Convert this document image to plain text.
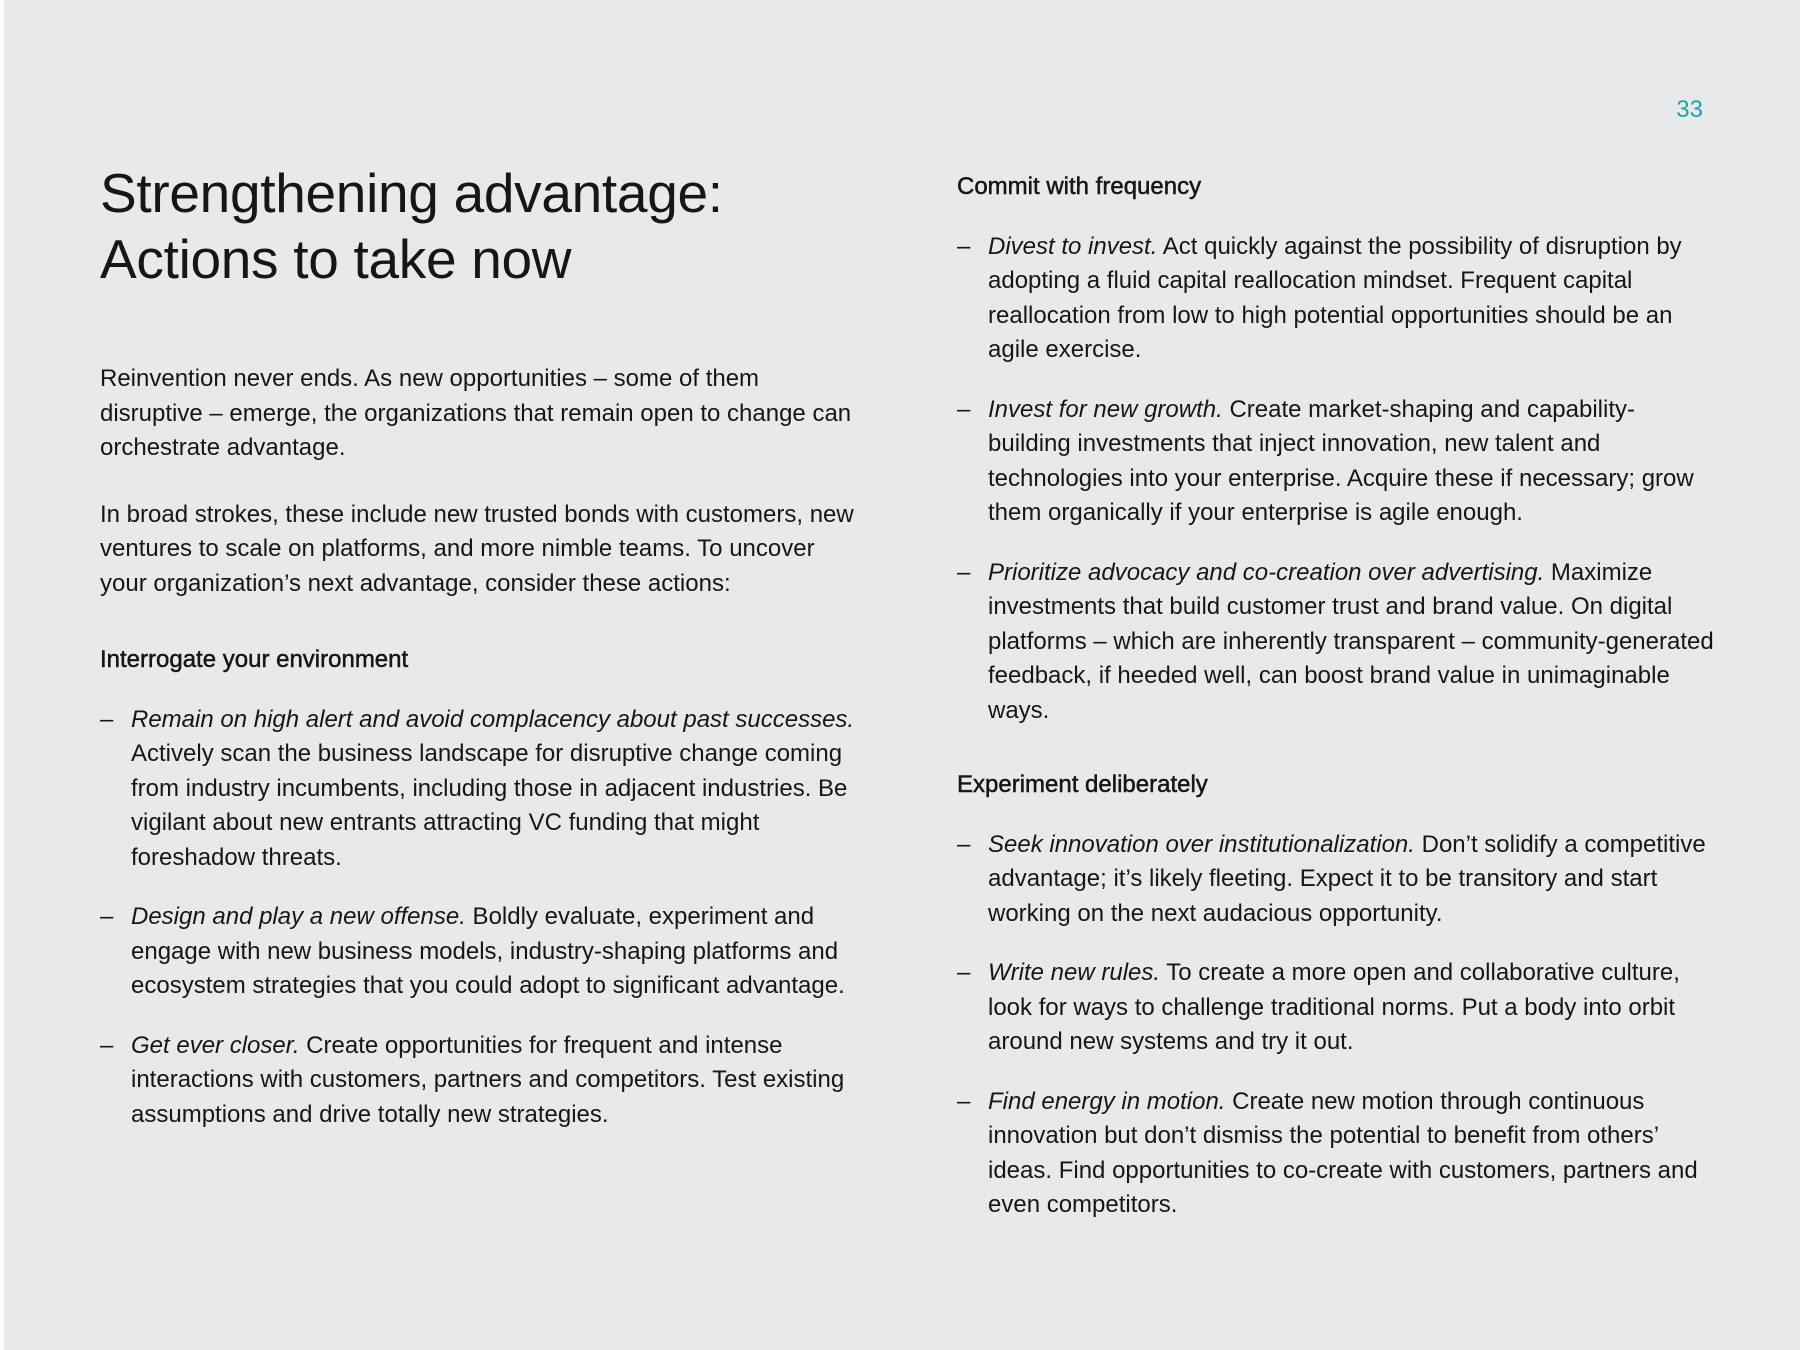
33

Strengthening advantage:
Actions to take now

Reinvention never ends. As new opportunities – some of them disruptive – emerge, the organizations that remain open to change can orchestrate advantage.

In broad strokes, these include new trusted bonds with customers, new ventures to scale on platforms, and more nimble teams. To uncover your organization’s next advantage, consider these actions:

Interrogate your environment
– Remain on high alert and avoid complacency about past successes. Actively scan the business landscape for disruptive change coming from industry incumbents, including those in adjacent industries. Be vigilant about new entrants attracting VC funding that might foreshadow threats.
– Design and play a new offense. Boldly evaluate, experiment and engage with new business models, industry-shaping platforms and ecosystem strategies that you could adopt to significant advantage.
– Get ever closer. Create opportunities for frequent and intense interactions with customers, partners and competitors. Test existing assumptions and drive totally new strategies.
Commit with frequency
– Divest to invest. Act quickly against the possibility of disruption by adopting a fluid capital reallocation mindset. Frequent capital reallocation from low to high potential opportunities should be an agile exercise.
– Invest for new growth. Create market-shaping and capability-building investments that inject innovation, new talent and technologies into your enterprise. Acquire these if necessary; grow them organically if your enterprise is agile enough.
– Prioritize advocacy and co-creation over advertising. Maximize investments that build customer trust and brand value. On digital platforms – which are inherently transparent – community-generated feedback, if heeded well, can boost brand value in unimaginable ways.
Experiment deliberately
– Seek innovation over institutionalization. Don’t solidify a competitive advantage; it’s likely fleeting. Expect it to be transitory and start working on the next audacious opportunity.
– Write new rules. To create a more open and collaborative culture, look for ways to challenge traditional norms. Put a body into orbit around new systems and try it out.
– Find energy in motion. Create new motion through continuous innovation but don’t dismiss the potential to benefit from others’ ideas. Find opportunities to co-create with customers, partners and even competitors.
